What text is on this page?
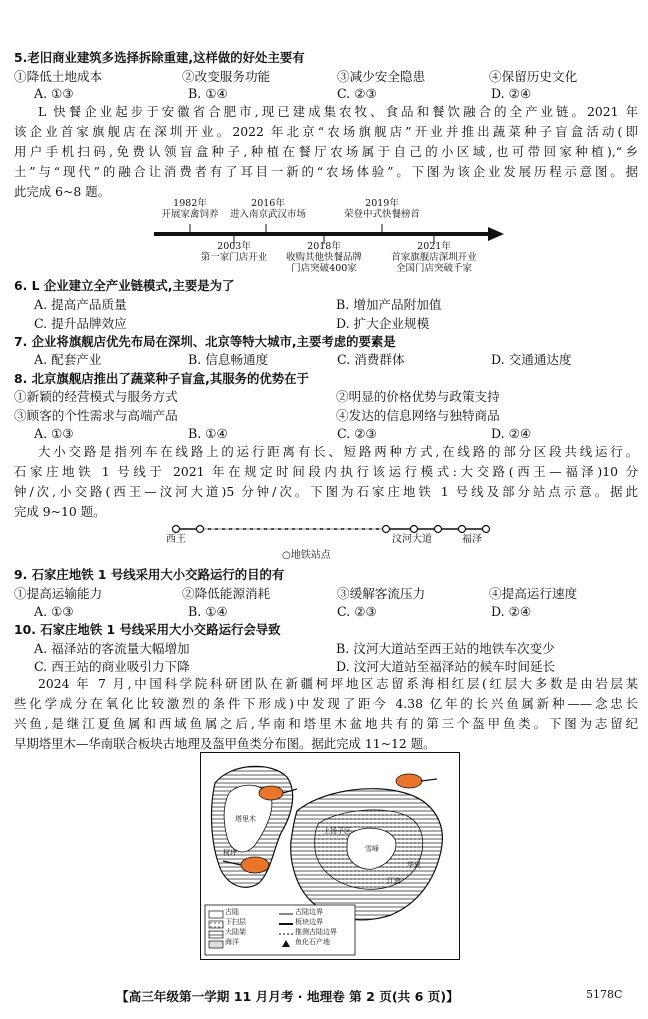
5.老旧商业建筑多选择拆除重建,这样做的好处主要有
①降低土地成本	②改变服务功能	③减少安全隐患	④保留历史文化
A. ①③	B. ①④	C. ②③	D. ②④
L 快餐企业起步于安徽省合肥市,现已建成集农牧、食品和餐饮融合的全产业链。2021 年
该企业首家旗舰店在深圳开业。2022 年北京“农场旗舰店”开业并推出蔬菜种子盲盒活动(即
用户手机扫码,免费认领盲盒种子,种植在餐厅农场属于自己的小区域,也可带回家种植),“乡
土”与“现代”的融合让消费者有了耳目一新的“农场体验”。下图为该企业发展历程示意图。据
此完成 6~8 题。
1982年
开展家禽饲养
2016年
进入南京武汉市场
2019年
荣登中式快餐榜首
2003年
第一家门店开业
2018年
收购其他快餐品牌
门店突破400家
2021年
首家旗舰店深圳开业
全国门店突破千家
6. L 企业建立全产业链模式,主要是为了
A. 提高产品质量	B. 增加产品附加值
C. 提升品牌效应	D. 扩大企业规模
7. 企业将旗舰店优先布局在深圳、北京等特大城市,主要考虑的要素是
A. 配套产业	B. 信息畅通度	C. 消费群体	D. 交通通达度
8. 北京旗舰店推出了蔬菜种子盲盒,其服务的优势在于
①新颖的经营模式与服务方式	②明显的价格优势与政策支持
③顾客的个性需求与高端产品	④发达的信息网络与独特商品
A. ①③	B. ①④	C. ②③	D. ②④
大小交路是指列车在线路上的运行距离有长、短路两种方式,在线路的部分区段共线运行。
石家庄地铁 1 号线于 2021 年在规定时间段内执行该运行模式:大交路(西王—福泽)10 分
钟/次,小交路(西王—汶河大道)5 分钟/次。下图为石家庄地铁 1 号线及部分站点示意。据此
完成 9~10 题。
西王	汶河大道	福泽
○地铁站点
9. 石家庄地铁 1 号线采用大小交路运行的目的有
①提高运输能力	②降低能源消耗	③缓解客流压力	④提高运行速度
A. ①③	B. ①④	C. ②③	D. ②④
10. 石家庄地铁 1 号线采用大小交路运行会导致
A. 福泽站的客流量大幅增加	B. 汶河大道站至西王站的地铁车次变少
C. 西王站的商业吸引力下降	D. 汶河大道站至福泽站的候车时间延长
2024 年 7 月,中国科学院科研团队在新疆柯坪地区志留系海相红层(红层大多数是由岩层某
些化学成分在氧化比较激烈的条件下形成)中发现了距今 4.38 亿年的长兴鱼属新种——念忠长
兴鱼,是继江夏鱼属和西域鱼属之后,华南和塔里木盆地共有的第三个盔甲鱼类。下图为志留纪
早期塔里木—华南联合板块古地理及盔甲鱼类分布图。据此完成 11~12 题。
古陆	古陆边界
下扫层	板块边界
大陆架	推测古陆边界
海洋	鱼化石产地
上扬子区
华夏
雪峰
江南
柯坪
塔里木
【高三年级第一学期 11 月月考 · 地理卷 第 2 页(共 6 页)】	5178C
